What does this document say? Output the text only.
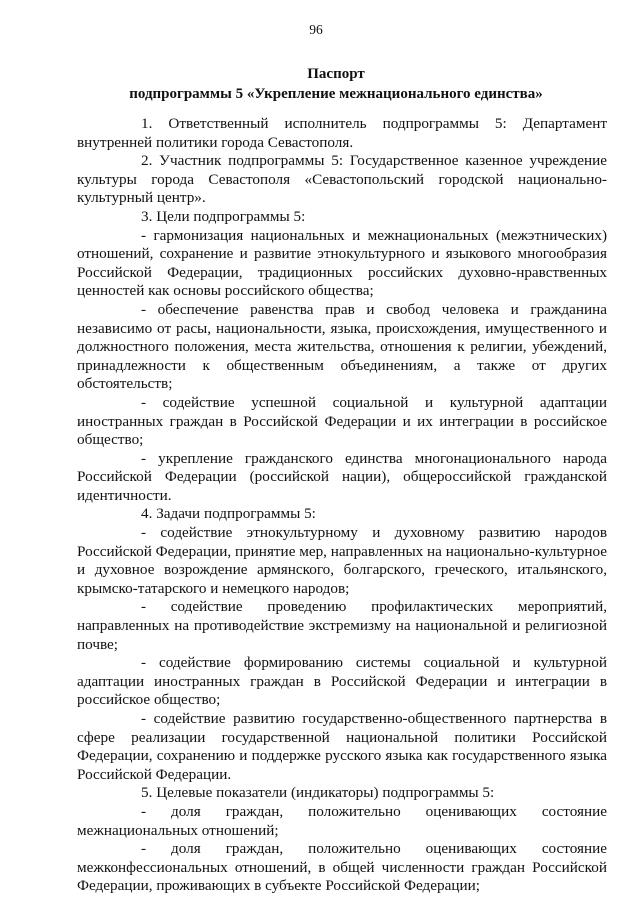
96
Паспорт
подпрограммы 5 «Укрепление межнационального единства»

1. Ответственный исполнитель подпрограммы 5: Департамент внутренней политики города Севастополя.

2. Участник подпрограммы 5: Государственное казенное учреждение культуры города Севастополя «Севастопольский городской национально-культурный центр».

3. Цели подпрограммы 5:

- гармонизация национальных и межнациональных (межэтнических) отношений, сохранение и развитие этнокультурного и языкового многообразия Российской Федерации, традиционных российских духовно-нравственных ценностей как основы российского общества;

- обеспечение равенства прав и свобод человека и гражданина независимо от расы, национальности, языка, происхождения, имущественного и должностного положения, места жительства, отношения к религии, убеждений, принадлежности к общественным объединениям, а также от других обстоятельств;

- содействие успешной социальной и культурной адаптации иностранных граждан в Российской Федерации и их интеграции в российское общество;

- укрепление гражданского единства многонационального народа Российской Федерации (российской нации), общероссийской гражданской идентичности.

4. Задачи подпрограммы 5:

- содействие этнокультурному и духовному развитию народов Российской Федерации, принятие мер, направленных на национально-культурное и духовное возрождение армянского, болгарского, греческого, итальянского, крымско-татарского и немецкого народов;

- содействие проведению профилактических мероприятий, направленных на противодействие экстремизму на национальной и религиозной почве;

- содействие формированию системы социальной и культурной адаптации иностранных граждан в Российской Федерации и интеграции в российское общество;

- содействие развитию государственно-общественного партнерства в сфере реализации государственной национальной политики Российской Федерации, сохранению и поддержке русского языка как государственного языка Российской Федерации.

5. Целевые показатели (индикаторы) подпрограммы 5:

- доля граждан, положительно оценивающих состояние межнациональных отношений;

- доля граждан, положительно оценивающих состояние межконфессиональных отношений, в общей численности граждан Российской Федерации, проживающих в субъекте Российской Федерации;
